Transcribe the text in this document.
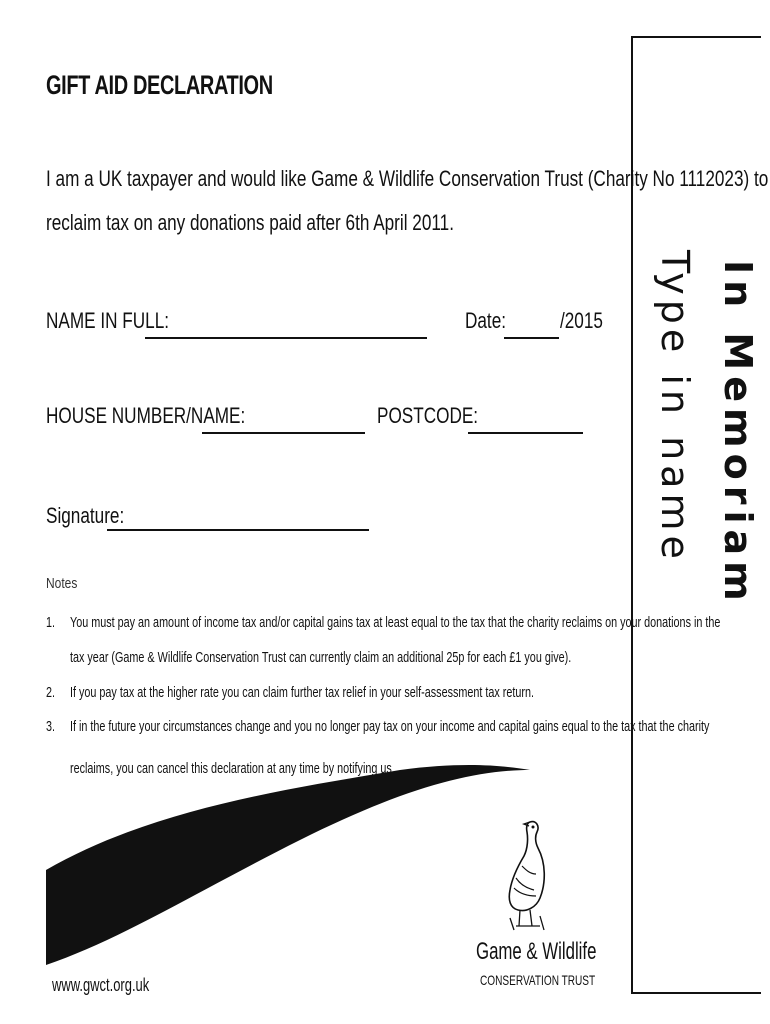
GIFT AID DECLARATION
I am a UK taxpayer and would like Game & Wildlife Conservation Trust (Charity No 1112023) to
reclaim tax on any donations paid after 6th April 2011.
NAME IN FULL:	Date:	/2015
HOUSE NUMBER/NAME:	POSTCODE:
Signature:
Notes
1. You must pay an amount of income tax and/or capital gains tax at least equal to the tax that the charity reclaims on your donations in the
tax year (Game & Wildlife Conservation Trust can currently claim an additional 25p for each £1 you give).
2. If you pay tax at the higher rate you can claim further tax relief in your self-assessment tax return.
3. If in the future your circumstances change and you no longer pay tax on your income and capital gains equal to the tax that the charity
reclaims, you can cancel this declaration at any time by notifying us.
In Memoriam
Type in name
Game & Wildlife
CONSERVATION TRUST
www.gwct.org.uk
